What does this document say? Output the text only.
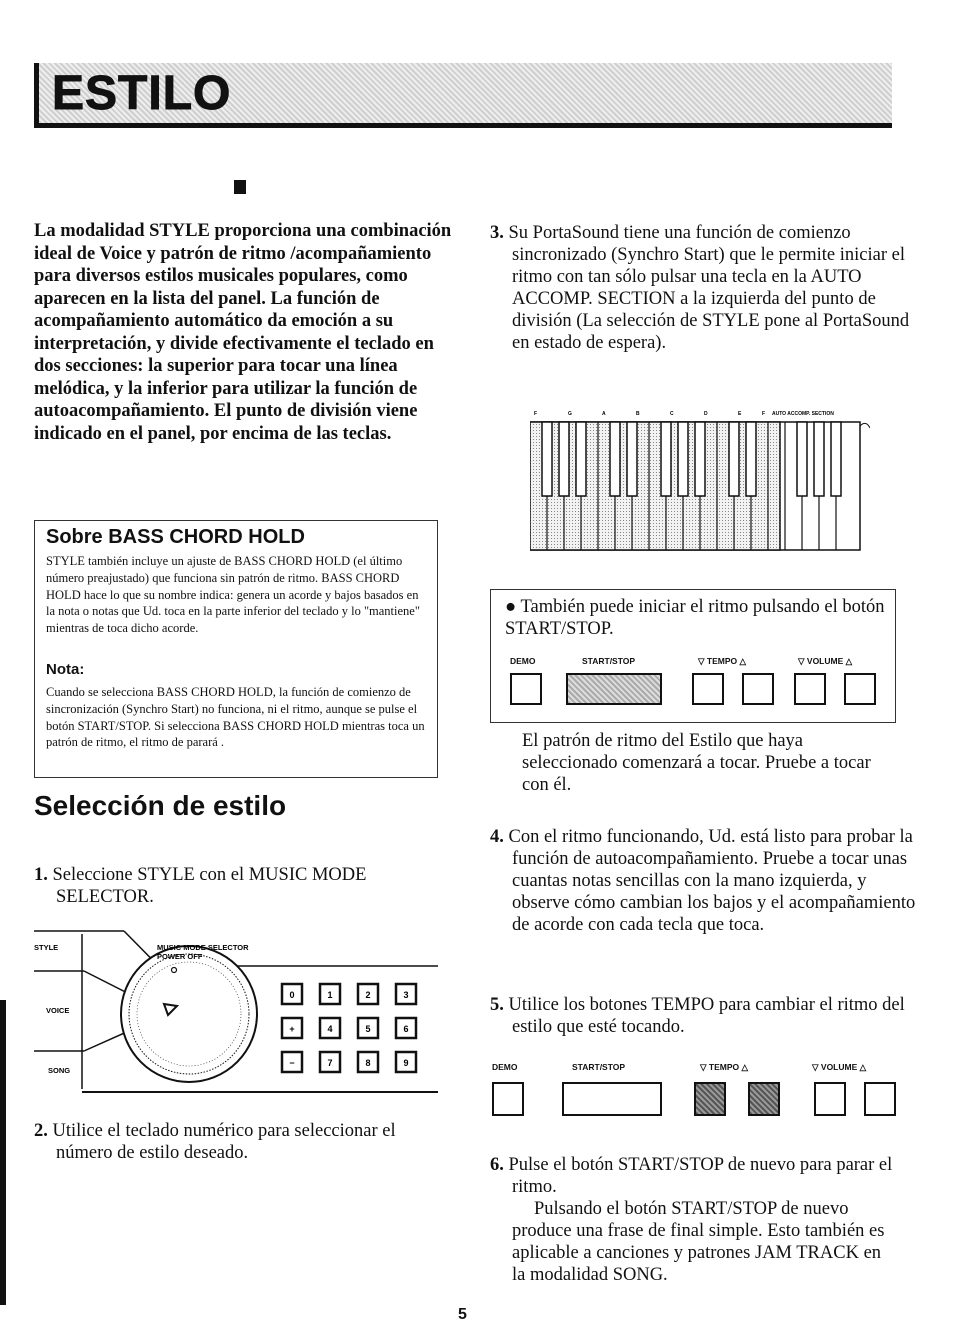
ESTILO
La modalidad STYLE proporciona una combinación ideal de Voice y patrón de ritmo /acompañamiento para diversos estilos musicales populares, como aparecen en la lista del panel. La función de acompañamiento automático da emoción a su interpretación, y divide efectivamente el teclado en dos secciones: la superior para tocar una línea melódica, y la inferior para utilizar la función de autoacompañamiento. El punto de división viene indicado en el panel, por encima de las teclas.
Sobre BASS CHORD HOLD
STYLE también incluye un ajuste de BASS CHORD HOLD (el último número preajustado) que funciona sin patrón de ritmo. BASS CHORD HOLD hace lo que su nombre indica: genera un acorde y bajos basados en la nota o notas que Ud. toca en la parte inferior del teclado y lo "mantiene" mientras de toca dicho acorde.
Nota:
Cuando se selecciona BASS CHORD HOLD, la función de comienzo de sincronización (Synchro Start) no funciona, ni el ritmo, aunque se pulse el botón START/STOP. Si selecciona BASS CHORD HOLD mientras toca un patrón de ritmo, el ritmo de parará .
Selección de estilo
1. Seleccione STYLE con el MUSIC MODE SELECTOR.
STYLE
VOICE
SONG
MUSIC MODE SELECTOR
POWER OFF
0	1	2	3
+	4	5	6
−	7	8	9
2. Utilice el teclado numérico para seleccionar el número de estilo deseado.
3. Su PortaSound tiene una función de comienzo sincronizado (Synchro Start) que le permite iniciar el ritmo con tan sólo pulsar una tecla en la AUTO ACCOMP. SECTION a la izquierda del punto de división (La selección de STYLE pone al PortaSound en estado de espera).
F	G	A	B	C	D	E	F AUTO ACCOMP. SECTION
● También puede iniciar el ritmo pulsando el botón START/STOP.
DEMO	START/STOP	▽ TEMPO △	▽ VOLUME △
El patrón de ritmo del Estilo que haya seleccionado comenzará a tocar. Pruebe a tocar con él.
4. Con el ritmo funcionando, Ud. está listo para probar la función de autoacompañamiento. Pruebe a tocar unas cuantas notas sencillas con la mano izquierda, y observe cómo cambian los bajos y el acompañamiento de acorde con cada tecla que toca.
5. Utilice los botones TEMPO para cambiar el ritmo del estilo que esté tocando.
DEMO	START/STOP	▽ TEMPO △	▽ VOLUME △
6. Pulse el botón START/STOP de nuevo para parar el ritmo.
Pulsando el botón START/STOP de nuevo produce una frase de final simple. Esto también es aplicable a canciones y patrones JAM TRACK en la modalidad SONG.
5
